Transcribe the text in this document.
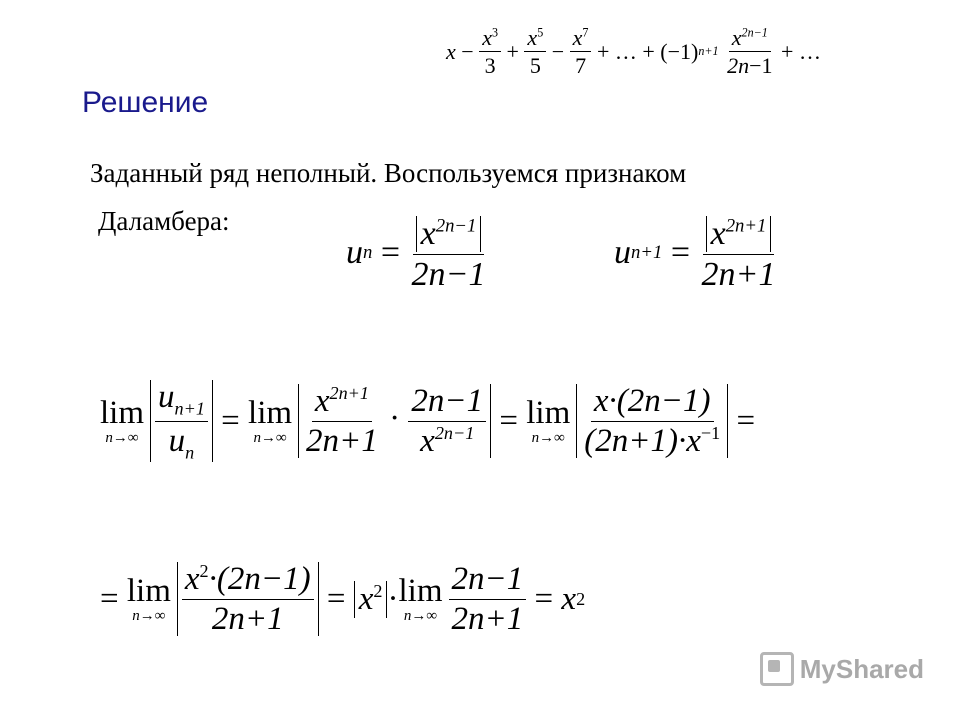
$x - \frac{x^3}{3} + \frac{x^5}{5} - \frac{x^7}{7}$ + … + (−1) n+1
$\frac{x^{2n-1}}{2n-1}$ + …
Решение
Заданный ряд неполный. Воспользуемся признаком
Даламбера:
u $n = \frac{x^{2n-1}}{2n-1}$	u $n+1 = \frac{x^{2n+1}}{2n+1}$
lim
$n\to\infty \frac{u_{n+1}}{u_n}$
=
lim
$n\to\infty \frac{x^{2n+1}}{2n+1} \cdot \frac{2n-1}{x^{2n-1}}$
=
lim
$n\to\infty \frac{x\cdot(2n-1)}{(2n+1)\cdot x^{-1}}$
=
=
lim
$n\to\infty \frac{x^2\cdot(2n-1)}{2n+1}$
=
$x^2 \cdot \lim$
$n\to\infty \frac{2n-1}{2n+1}$
=
x 2
MyShared
